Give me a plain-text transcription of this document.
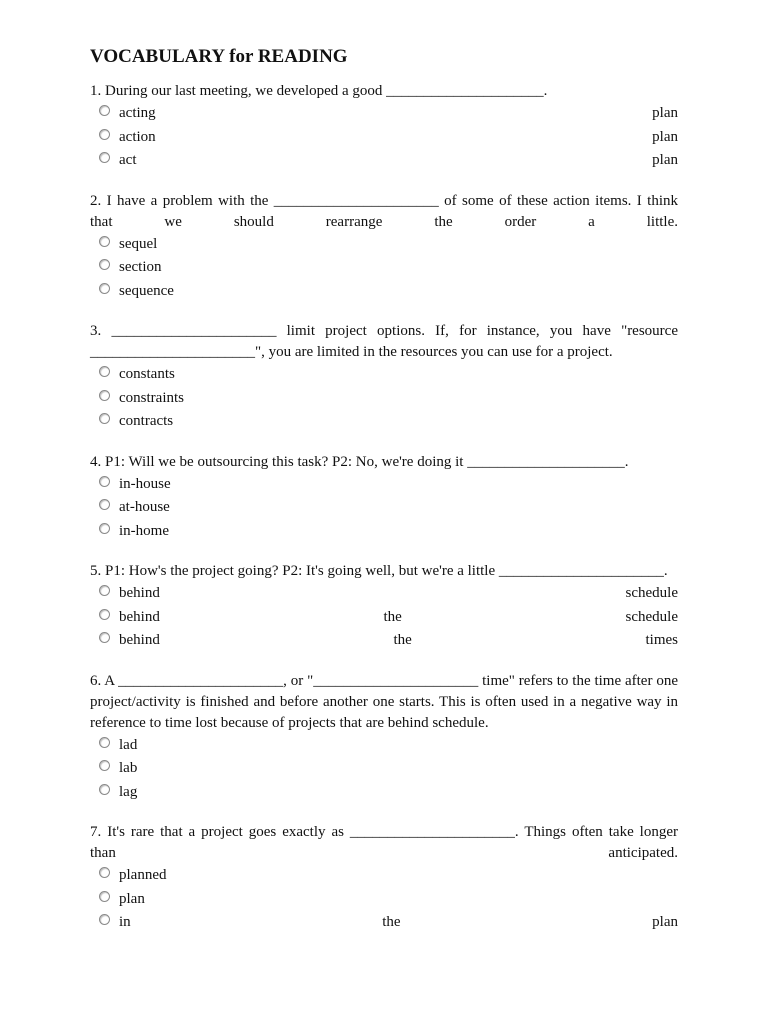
VOCABULARY for READING
1. During our last meeting, we developed a good _____________________.
acting	plan
action	plan
act	plan
2. I have a problem with the ______________________ of some of these action items. I think that we should rearrange the order a little.
sequel
section
sequence
3. ______________________ limit project options. If, for instance, you have "resource ______________________", you are limited in the resources you can use for a project.
constants
constraints
contracts
4. P1: Will we be outsourcing this task? P2: No, we're doing it _____________________.
in-house
at-house
in-home
5. P1: How's the project going? P2: It's going well, but we're a little ______________________.
behind	schedule
behind	the	schedule
behind	the	times
6. A ______________________, or "______________________ time" refers to the time after one project/activity is finished and before another one starts. This is often used in a negative way in reference to time lost because of projects that are behind schedule.
lad
lab
lag
7. It's rare that a project goes exactly as ______________________. Things often take longer than anticipated.
planned
plan
in	the	plan
